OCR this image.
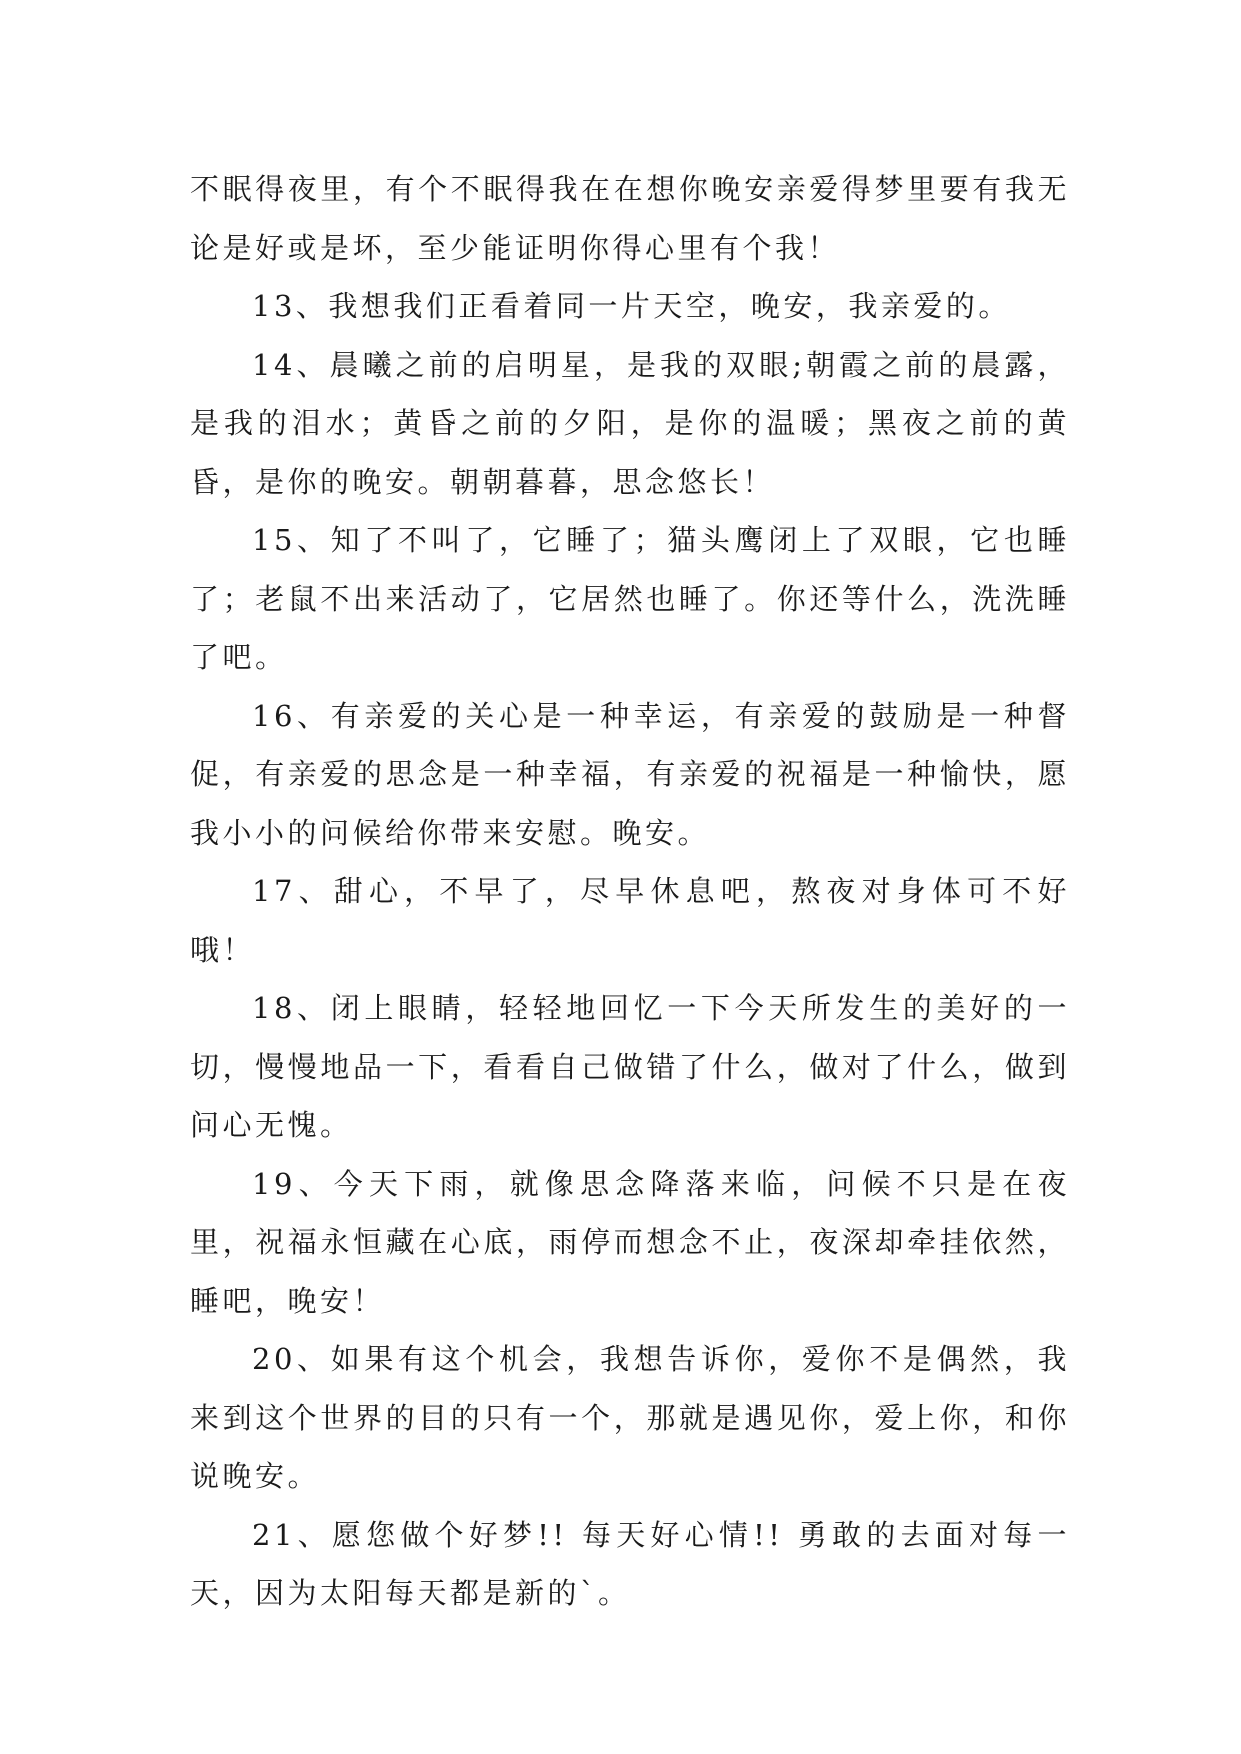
不眠得夜里，有个不眠得我在在想你晚安亲爱得梦里要有我无论是好或是坏，至少能证明你得心里有个我！

13、我想我们正看着同一片天空，晚安，我亲爱的。

14、晨曦之前的启明星，是我的双眼;朝霞之前的晨露，是我的泪水；黄昏之前的夕阳，是你的温暖；黑夜之前的黄昏，是你的晚安。朝朝暮暮，思念悠长！

15、知了不叫了，它睡了；猫头鹰闭上了双眼，它也睡了；老鼠不出来活动了，它居然也睡了。你还等什么，洗洗睡了吧。

16、有亲爱的关心是一种幸运，有亲爱的鼓励是一种督促，有亲爱的思念是一种幸福，有亲爱的祝福是一种愉快，愿我小小的问候给你带来安慰。晚安。

17、甜心，不早了，尽早休息吧，熬夜对身体可不好哦！

18、闭上眼睛，轻轻地回忆一下今天所发生的美好的一切，慢慢地品一下，看看自己做错了什么，做对了什么，做到问心无愧。

19、今天下雨，就像思念降落来临，问候不只是在夜里，祝福永恒藏在心底，雨停而想念不止，夜深却牵挂依然，睡吧，晚安！

20、如果有这个机会，我想告诉你，爱你不是偶然，我来到这个世界的目的只有一个，那就是遇见你，爱上你，和你说晚安。

21、愿您做个好梦!! 每天好心情!! 勇敢的去面对每一天，因为太阳每天都是新的`。
